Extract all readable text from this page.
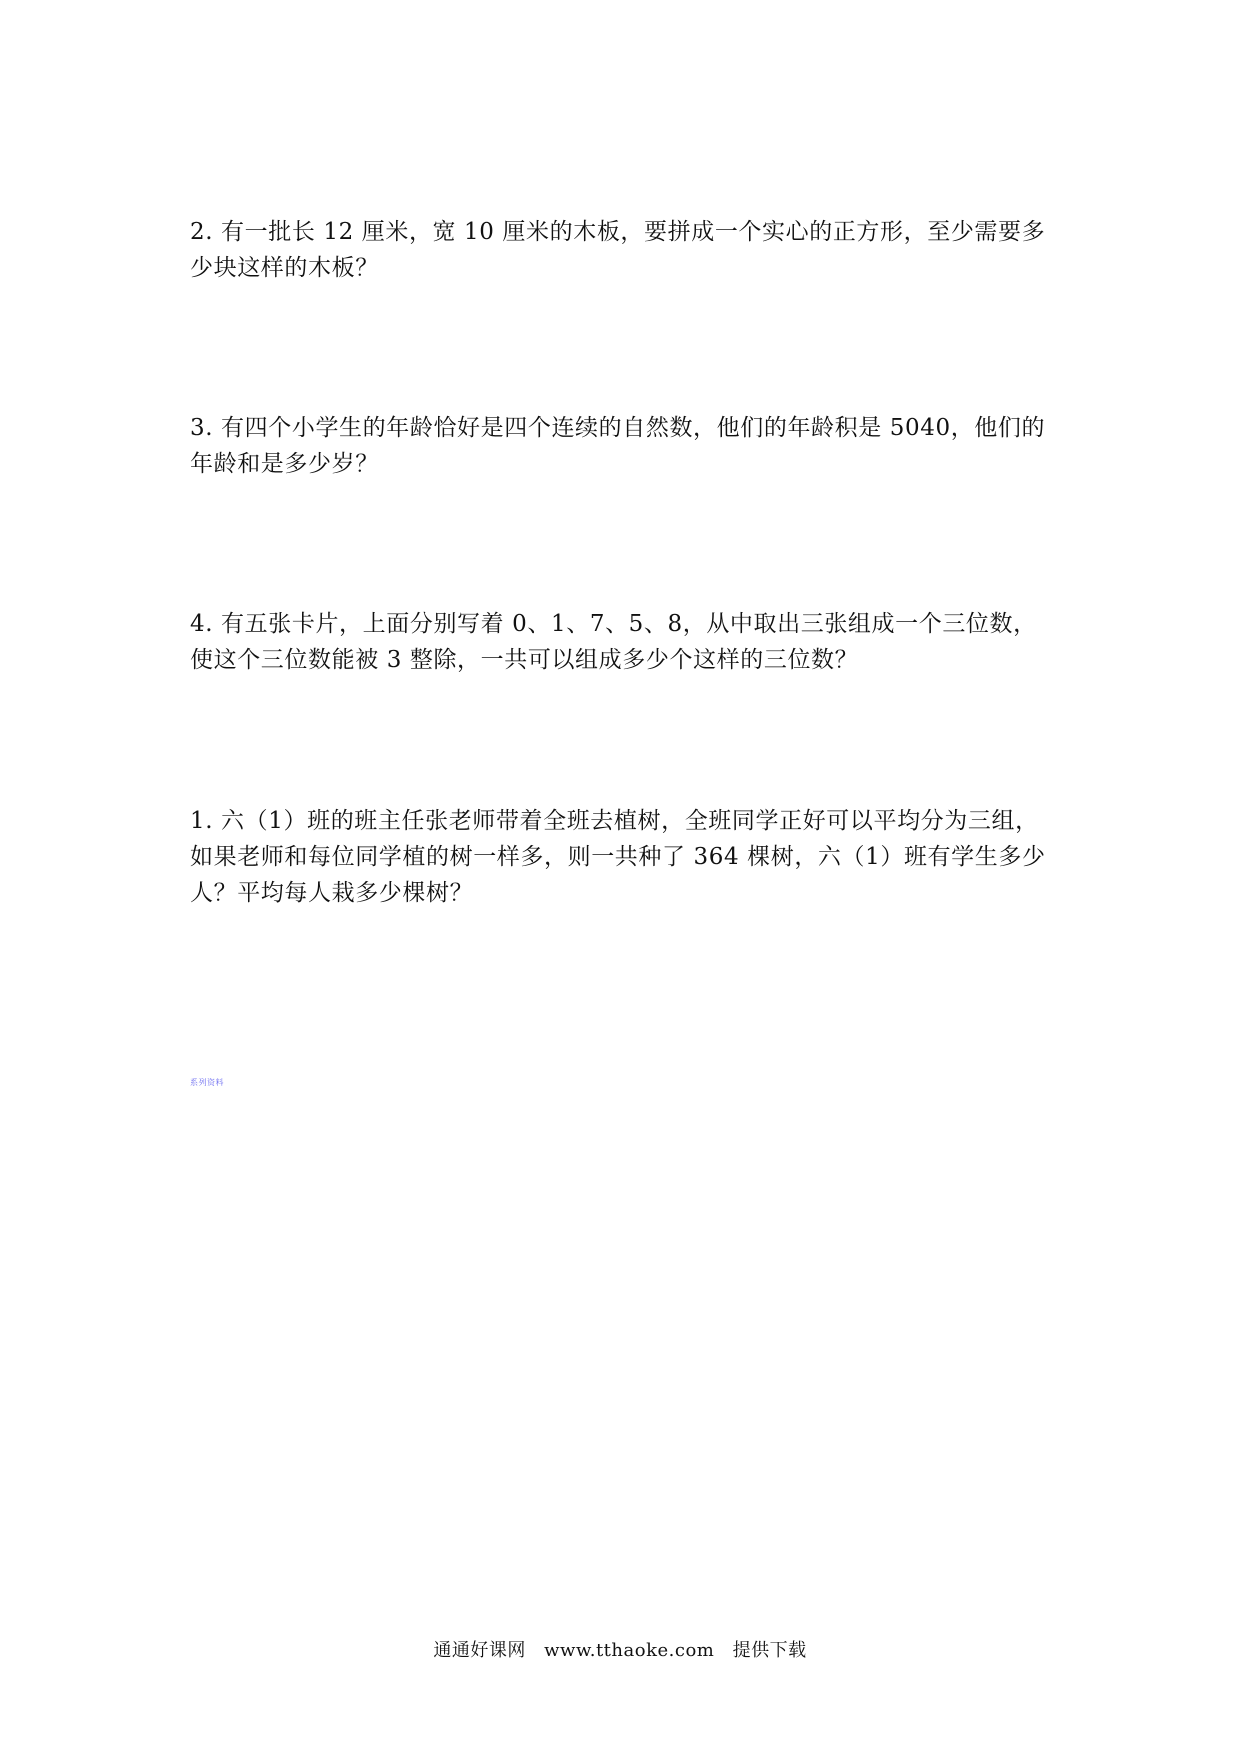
2. 有一批长 12 厘米，宽 10 厘米的木板，要拼成一个实心的正方形，至少需要多少块这样的木板？

3. 有四个小学生的年龄恰好是四个连续的自然数，他们的年龄积是 5040，他们的年龄和是多少岁？

4. 有五张卡片，上面分别写着 0、1、7、5、8，从中取出三张组成一个三位数，使这个三位数能被 3 整除，一共可以组成多少个这样的三位数？

1. 六（1）班的班主任张老师带着全班去植树，全班同学正好可以平均分为三组，如果老师和每位同学植的树一样多，则一共种了 364 棵树，六（1）班有学生多少人？平均每人栽多少棵树？

系列资料
通通好课网 www.tthaoke.com 提供下载
